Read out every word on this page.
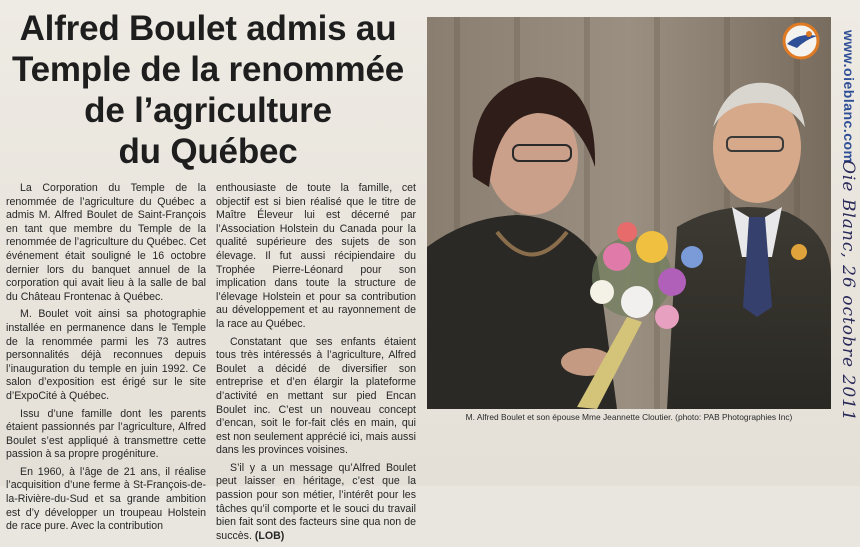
Alfred Boulet admis au
Temple de la renommée
de l’agriculture
du Québec

La Corporation du Temple de la renommée de l’agriculture du Québec a admis M. Alfred Boulet de Saint-François en tant que membre du Temple de la renommée de l’agriculture du Québec. Cet événement était souligné le 16 octobre dernier lors du banquet annuel de la corporation qui avait lieu à la salle de bal du Château Frontenac à Québec.

M. Boulet voit ainsi sa photographie installée en permanence dans le Temple de la renommée parmi les 73 autres personnalités déjà reconnues depuis l’inauguration du temple en juin 1992. Ce salon d’exposition est érigé sur le site d’ExpoCité à Québec.

Issu d’une famille dont les parents étaient passionnés par l’agriculture, Alfred Boulet s’est appliqué à transmettre cette passion à sa propre progéniture.

En 1960, à l’âge de 21 ans, il réalise l’acquisition d’une ferme à St-François-de-la-Rivière-du-Sud et sa grande ambition est d’y développer un troupeau Holstein de race pure. Avec la contribution

enthousiaste de toute la famille, cet objectif est si bien réalisé que le titre de Maître Éleveur lui est décerné par l’Association Holstein du Canada pour la qualité supérieure des sujets de son élevage. Il fut aussi récipiendaire du Trophée Pierre-Léonard pour son implication dans toute la structure de l’élevage Holstein et pour sa contribution au développement et au rayonnement de la race au Québec.

Constatant que ses enfants étaient tous très intéressés à l’agriculture, Alfred Boulet a décidé de diversifier son entreprise et d’en élargir la plateforme d’activité en mettant sur pied Encan Boulet inc. C’est un nouveau concept d’encan, soit le for-fait clés en main, qui est non seulement apprécié ici, mais aussi dans les provinces voisines.

S’il y a un message qu’Alfred Boulet peut laisser en héritage, c’est que la passion pour son métier, l’intérêt pour les tâches qu’il comporte et le souci du travail bien fait sont des facteurs sine qua non de succès. (LOB)

www.oieblanc.com
Oie Blanc, 26 octobre 2011
M. Alfred Boulet et son épouse Mme Jeannette Cloutier. (photo: PAB Photographies Inc)
